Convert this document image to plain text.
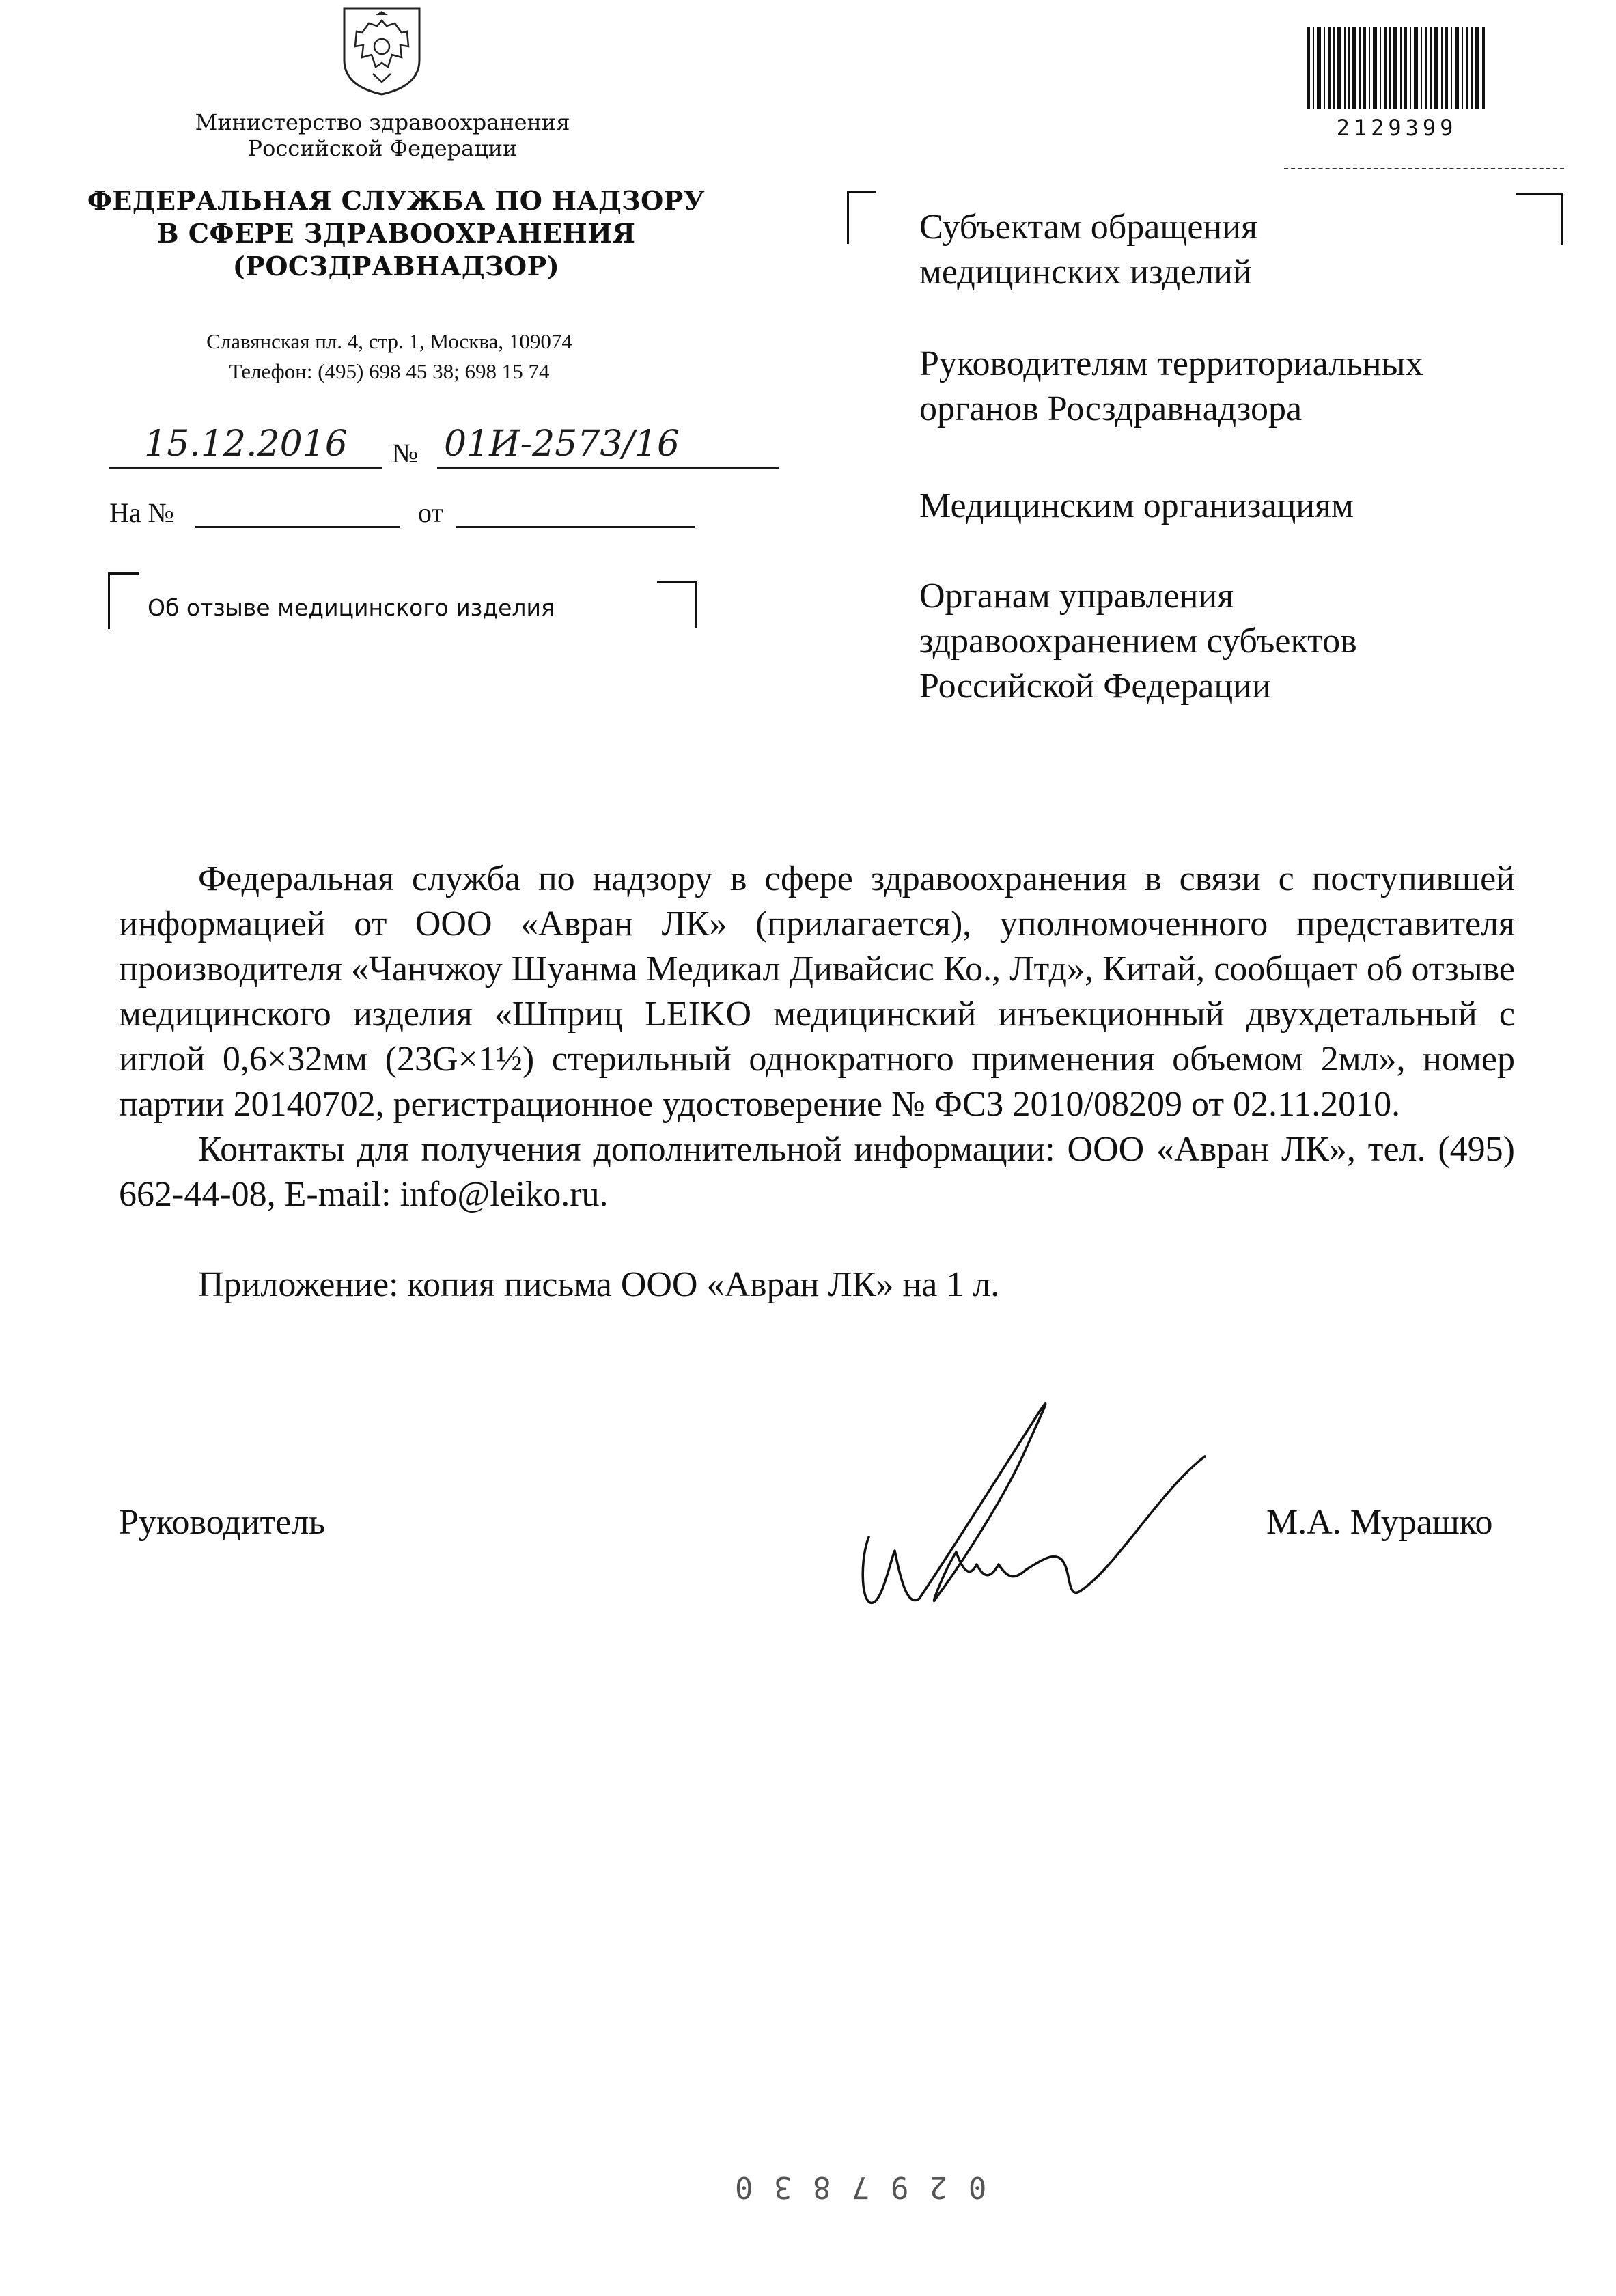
Министерство здравоохранения
Российской Федерации
ФЕДЕРАЛЬНАЯ СЛУЖБА ПО НАДЗОРУ
В СФЕРЕ ЗДРАВООХРАНЕНИЯ
(РОСЗДРАВНАДЗОР)
Славянская пл. 4, стр. 1, Москва, 109074
Телефон: (495) 698 45 38; 698 15 74
15.12.2016	№ 01И-2573/16
На №	от
Об отзыве медицинского изделия
2129399
Субъектам обращения
медицинских изделий
Руководителям территориальных
органов Росздравнадзора
Медицинским организациям
Органам управления
здравоохранением субъектов
Российской Федерации

Федеральная служба по надзору в сфере здравоохранения в связи с поступившей информацией от ООО «Авран ЛК» (прилагается), уполномоченного представителя производителя «Чанчжоу Шуанма Медикал Дивайсис Ко., Лтд», Китай, сообщает об отзыве медицинского изделия «Шприц LEIKO медицинский инъекционный двухдетальный с иглой 0,6×32мм (23G×1½) стерильный однократного применения объемом 2мл», номер партии 20140702, регистрационное удостоверение № ФСЗ 2010/08209 от 02.11.2010.

Контакты для получения дополнительной информации: ООО «Авран ЛК», тел. (495) 662-44-08, E-mail: info@leiko.ru.

Приложение: копия письма ООО «Авран ЛК» на 1 л.

Руководитель	М.А. Мурашко
0 2 9 7 8 3 0
